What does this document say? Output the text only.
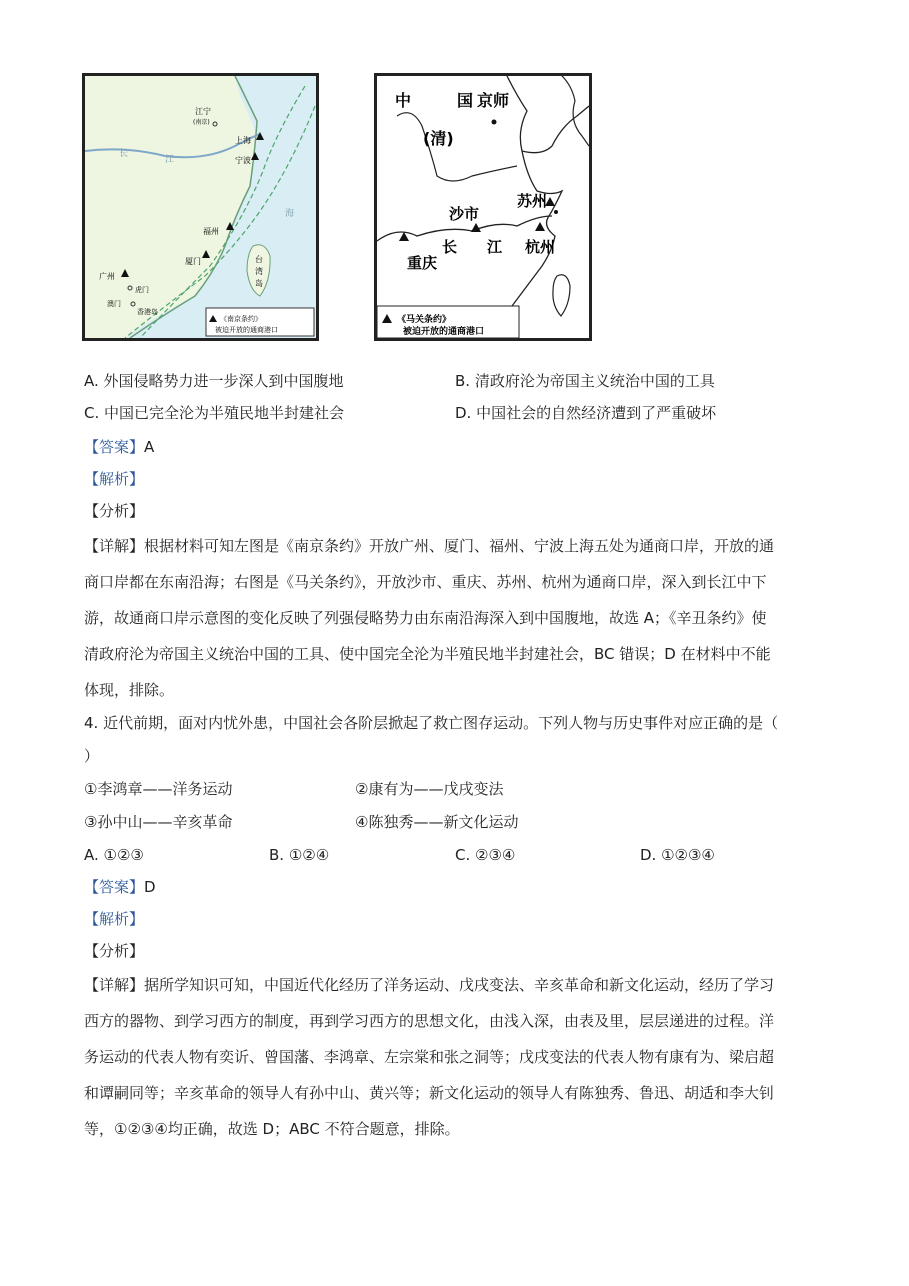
江宁
(南京)
上海
宁波
福州
厦门
广州
虎门
澳门
香港岛
台
湾
岛
长
江
海
《南京条约》
被迫开放的通商港口
中	国 京师
(清)
苏州
沙市
杭州
重庆
长 江
《马关条约》
被迫开放的通商港口
A. 外国侵略势力进一步深人到中国腹地	B. 清政府沦为帝国主义统治中国的工具
C. 中国已完全沦为半殖民地半封建社会	D. 中国社会的自然经济遭到了严重破坏
【答案】A
【解析】
【分析】
【详解】根据材料可知左图是《南京条约》开放广州、厦门、福州、宁波上海五处为通商口岸，开放的通
商口岸都在东南沿海；右图是《马关条约》，开放沙市、重庆、苏州、杭州为通商口岸，深入到长江中下
游，故通商口岸示意图的变化反映了列强侵略势力由东南沿海深入到中国腹地，故选 A；《辛丑条约》使
清政府沦为帝国主义统治中国的工具、使中国完全沦为半殖民地半封建社会，BC 错误；D 在材料中不能
体现，排除。
4. 近代前期，面对内忧外患，中国社会各阶层掀起了救亡图存运动。下列人物与历史事件对应正确的是（
）
①李鸿章——洋务运动	②康有为——戊戌变法
③孙中山——辛亥革命	④陈独秀——新文化运动
A. ①②③	B. ①②④	C. ②③④	D. ①②③④
【答案】D
【解析】
【分析】
【详解】据所学知识可知，中国近代化经历了洋务运动、戊戌变法、辛亥革命和新文化运动，经历了学习
西方的器物、到学习西方的制度，再到学习西方的思想文化，由浅入深，由表及里，层层递进的过程。洋
务运动的代表人物有奕䜣、曾国藩、李鸿章、左宗棠和张之洞等；戊戌变法的代表人物有康有为、梁启超
和谭嗣同等；辛亥革命的领导人有孙中山、黄兴等；新文化运动的领导人有陈独秀、鲁迅、胡适和李大钊
等，①②③④均正确，故选 D；ABC 不符合题意，排除。
